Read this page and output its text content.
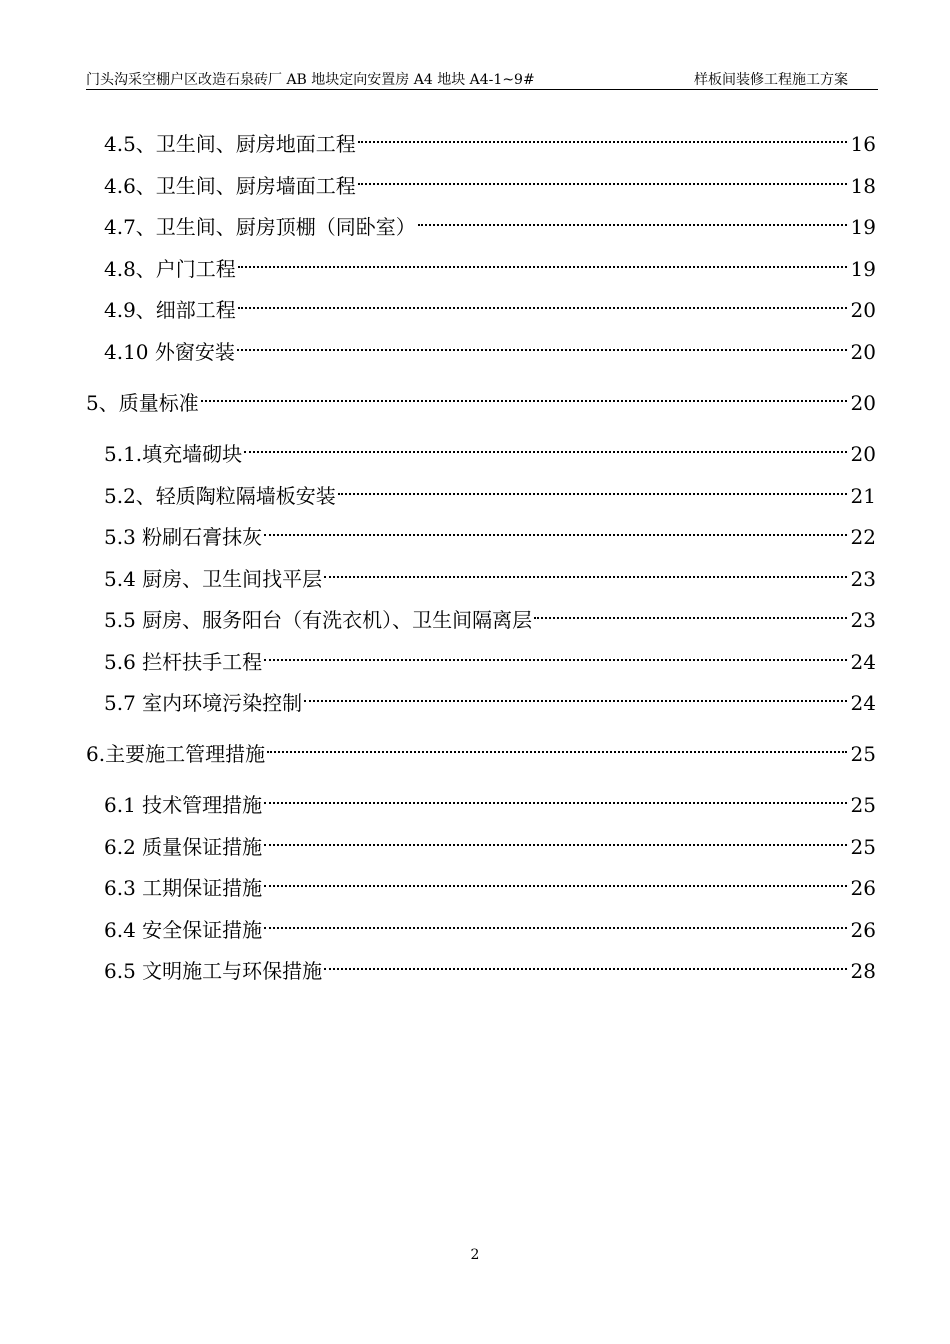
门头沟采空棚户区改造石泉砖厂 AB 地块定向安置房 A4 地块 A4-1~9#	样板间装修工程施工方案
4.5、卫生间、厨房地面工程	16
4.6、卫生间、厨房墙面工程	18
4.7、卫生间、厨房顶棚（同卧室）	19
4.8、户门工程	19
4.9、细部工程	20
4.10 外窗安装	20
5、质量标准	20
5.1.填充墙砌块	20
5.2、轻质陶粒隔墙板安装	21
5.3 粉刷石膏抹灰	22
5.4 厨房、卫生间找平层	23
5.5 厨房、服务阳台（有洗衣机）、卫生间隔离层	23
5.6 拦杆扶手工程	24
5.7 室内环境污染控制	24
6.主要施工管理措施	25
6.1 技术管理措施	25
6.2 质量保证措施	25
6.3 工期保证措施	26
6.4 安全保证措施	26
6.5 文明施工与环保措施	28
2
